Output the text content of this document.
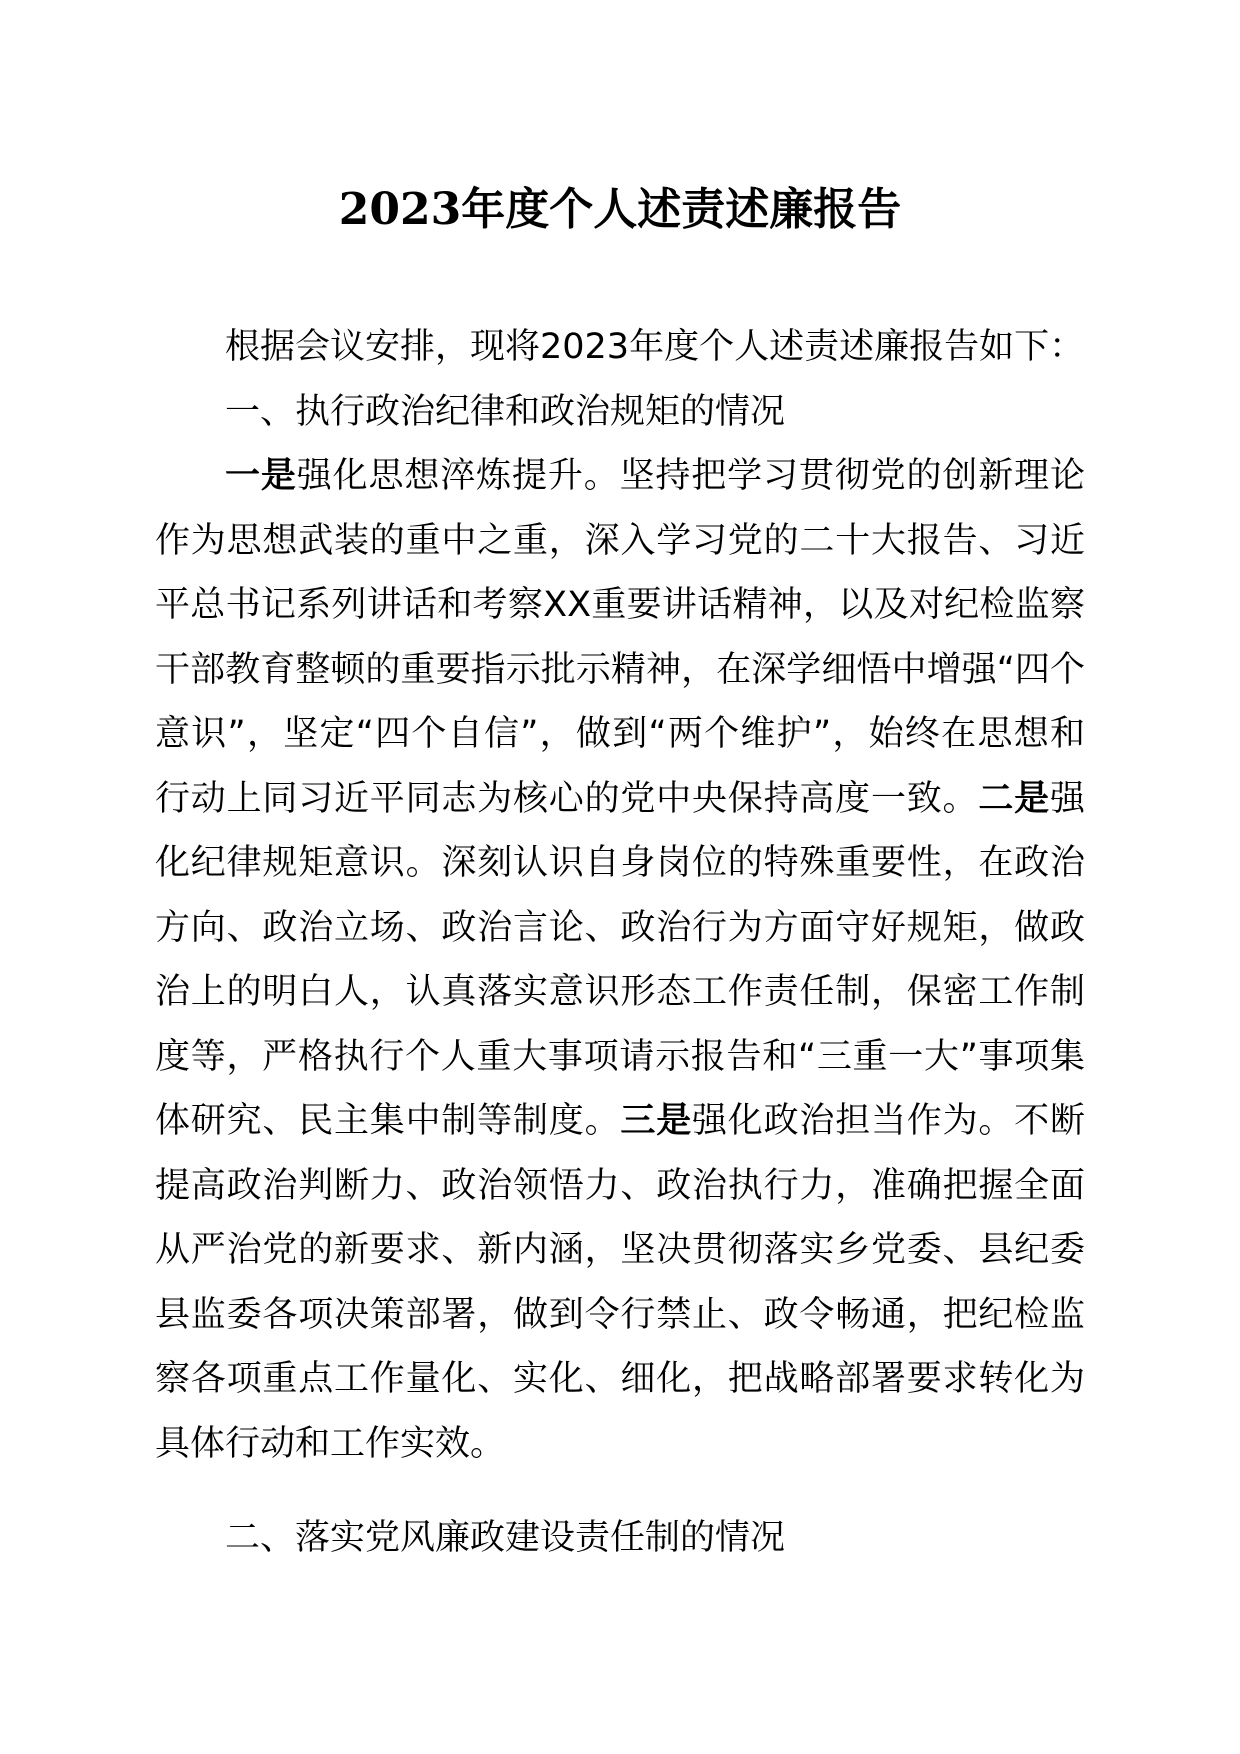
2023年度个人述责述廉报告

根据会议安排，现将2023年度个人述责述廉报告如下：

一、执行政治纪律和政治规矩的情况

一是强化思想淬炼提升。坚持把学习贯彻党的创新理论作为思想武装的重中之重，深入学习党的二十大报告、习近平总书记系列讲话和考察XX重要讲话精神，以及对纪检监察干部教育整顿的重要指示批示精神，在深学细悟中增强“四个意识”，坚定“四个自信”，做到“两个维护”，始终在思想和行动上同习近平同志为核心的党中央保持高度一致。二是强化纪律规矩意识。深刻认识自身岗位的特殊重要性，在政治方向、政治立场、政治言论、政治行为方面守好规矩，做政治上的明白人，认真落实意识形态工作责任制，保密工作制度等，严格执行个人重大事项请示报告和“三重一大”事项集体研究、民主集中制等制度。三是强化政治担当作为。不断提高政治判断力、政治领悟力、政治执行力，准确把握全面从严治党的新要求、新内涵，坚决贯彻落实乡党委、县纪委县监委各项决策部署，做到令行禁止、政令畅通，把纪检监察各项重点工作量化、实化、细化，把战略部署要求转化为具体行动和工作实效。

二、落实党风廉政建设责任制的情况
